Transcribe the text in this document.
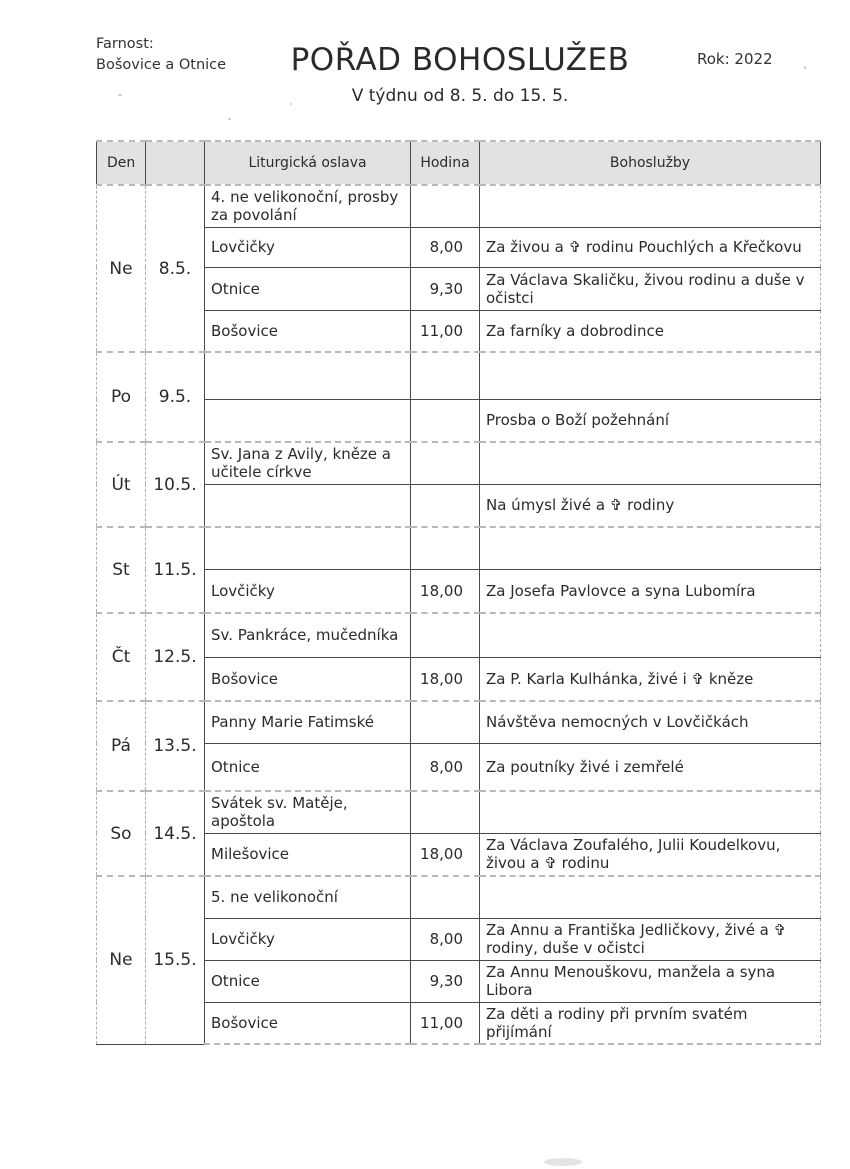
Farnost:
Bošovice a Otnice	POŘAD BOHOSLUŽEB	Rok: 2022
V týdnu od 8. 5. do 15. 5.
Den		Liturgická oslava	Hodina	Bohoslužby
Ne	8.5.	4. ne velikonoční, prosby za povolání		
		Lovčičky	8,00	Za živou a ✞ rodinu Pouchlých a Křečkovu
		Otnice	9,30	Za Václava Skaličku, živou rodinu a duše v očistci
		Bošovice	11,00	Za farníky a dobrodince
Po	9.5.			
				Prosba o Boží požehnání
Út	10.5.	Sv. Jana z Avily, kněze a učitele církve		
				Na úmysl živé a ✞ rodiny
St	11.5.			
		Lovčičky	18,00	Za Josefa Pavlovce a syna Lubomíra
Čt	12.5.	Sv. Pankráce, mučedníka		
		Bošovice	18,00	Za P. Karla Kulhánka, živé i ✞ kněze
Pá	13.5.	Panny Marie Fatimské		Návštěva nemocných v Lovčičkách
		Otnice	8,00	Za poutníky živé i zemřelé
So	14.5.	Svátek sv. Matěje, apoštola		
		Milešovice	18,00	Za Václava Zoufalého, Julii Koudelkovu, živou a ✞ rodinu
Ne	15.5.	5. ne velikonoční		
		Lovčičky	8,00	Za Annu a Františka Jedličkovy, živé a ✞ rodiny, duše v očistci
		Otnice	9,30	Za Annu Menouškovu, manžela a syna Libora
		Bošovice	11,00	Za děti a rodiny při prvním svatém přijímání
